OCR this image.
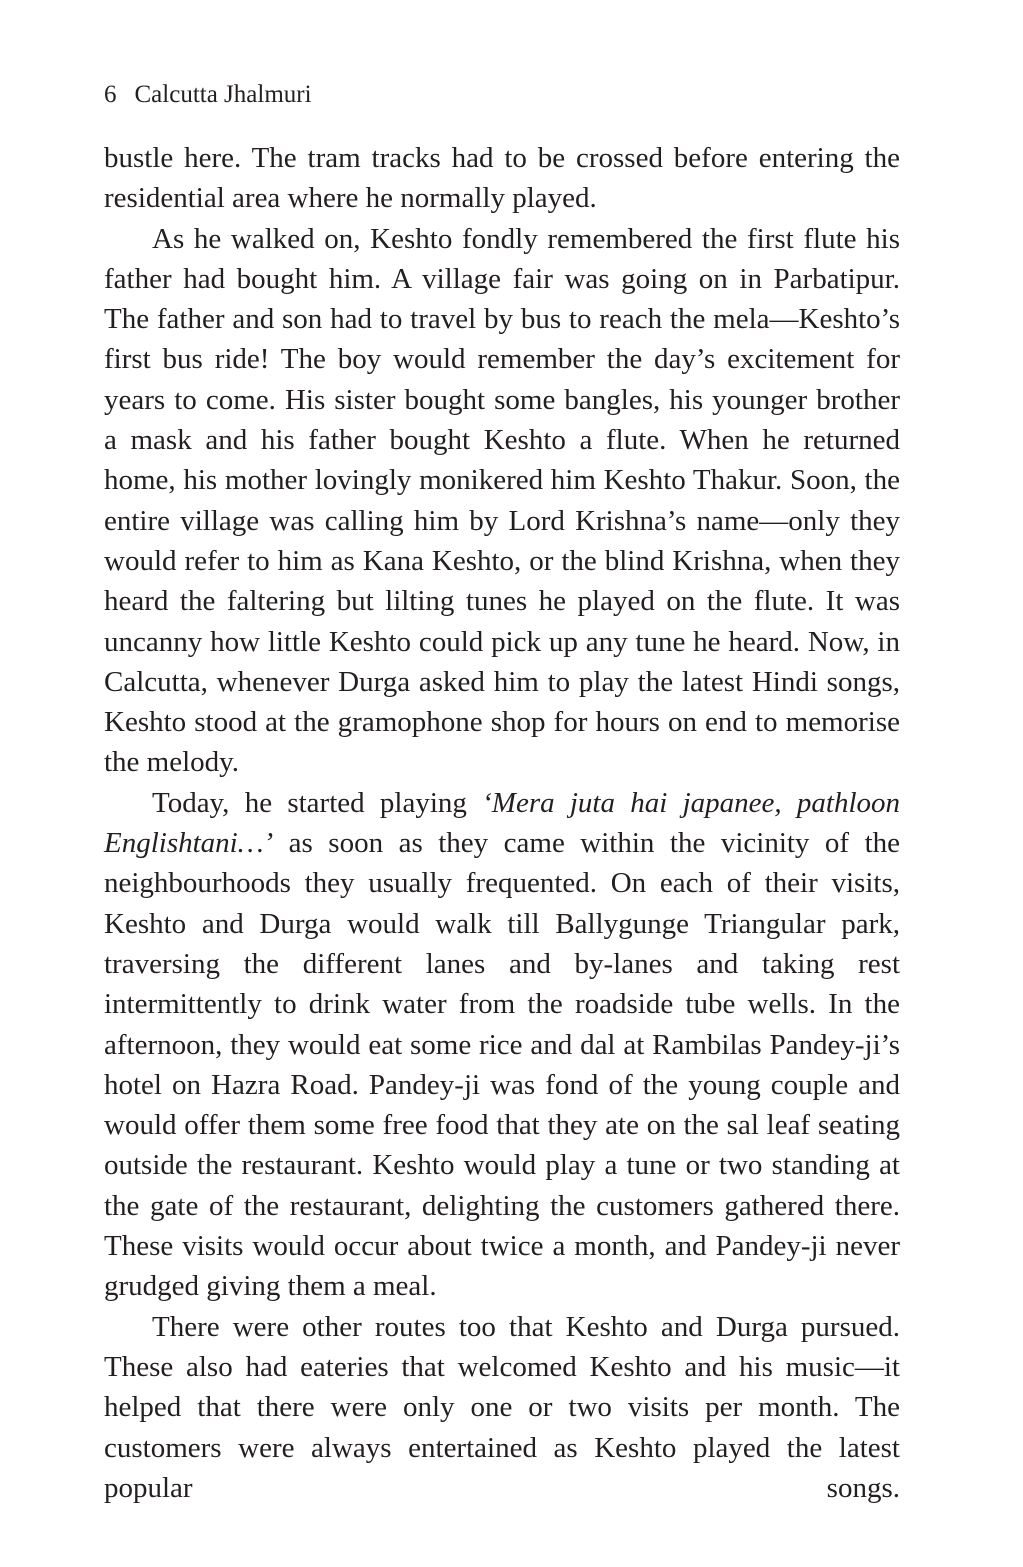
6 Calcutta Jhalmuri

bustle here. The tram tracks had to be crossed before entering the residential area where he normally played.

As he walked on, Keshto fondly remembered the first flute his father had bought him. A village fair was going on in Parbatipur. The father and son had to travel by bus to reach the mela—Keshto’s first bus ride! The boy would remember the day’s excitement for years to come. His sister bought some bangles, his younger brother a mask and his father bought Keshto a flute. When he returned home, his mother lovingly monikered him Keshto Thakur. Soon, the entire village was calling him by Lord Krishna’s name—only they would refer to him as Kana Keshto, or the blind Krishna, when they heard the faltering but lilting tunes he played on the flute. It was uncanny how little Keshto could pick up any tune he heard. Now, in Calcutta, whenever Durga asked him to play the latest Hindi songs, Keshto stood at the gramophone shop for hours on end to memorise the melody.

Today, he started playing ‘Mera juta hai japanee, pathloon Englishtani…’ as soon as they came within the vicinity of the neighbourhoods they usually frequented. On each of their visits, Keshto and Durga would walk till Ballygunge Triangular park, traversing the different lanes and by-lanes and taking rest intermittently to drink water from the roadside tube wells. In the afternoon, they would eat some rice and dal at Rambilas Pandey-ji’s hotel on Hazra Road. Pandey-ji was fond of the young couple and would offer them some free food that they ate on the sal leaf seating outside the restaurant. Keshto would play a tune or two standing at the gate of the restaurant, delighting the customers gathered there. These visits would occur about twice a month, and Pandey-ji never grudged giving them a meal.

There were other routes too that Keshto and Durga pursued. These also had eateries that welcomed Keshto and his music—it helped that there were only one or two visits per month. The customers were always entertained as Keshto played the latest popular songs.
